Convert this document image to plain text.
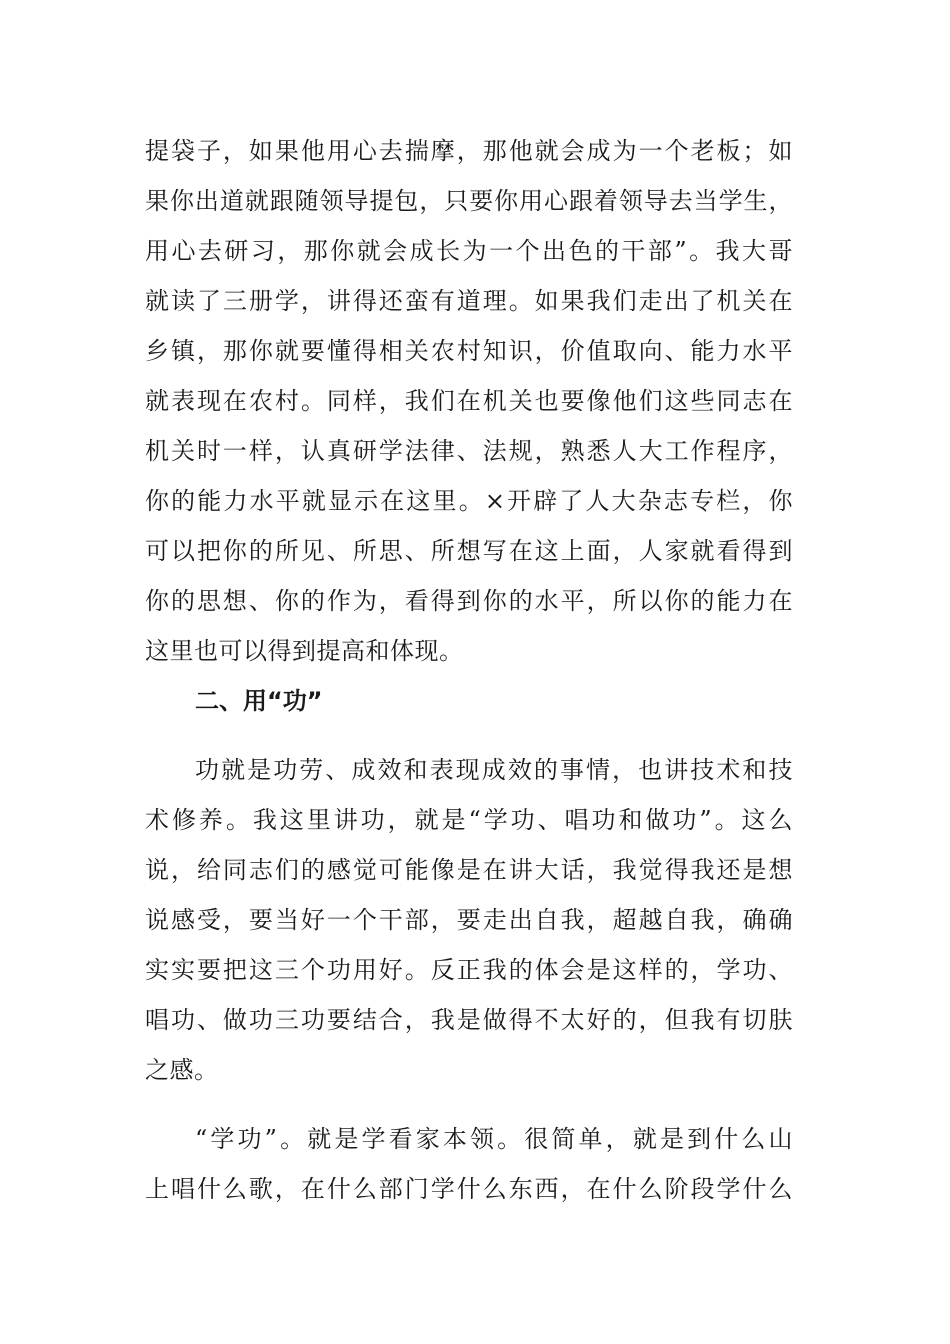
提袋子，如果他用心去揣摩，那他就会成为一个老板；如
果你出道就跟随领导提包，只要你用心跟着领导去当学生，
用心去研习，那你就会成长为一个出色的干部”。我大哥
就读了三册学，讲得还蛮有道理。如果我们走出了机关在
乡镇，那你就要懂得相关农村知识，价值取向、能力水平
就表现在农村。同样，我们在机关也要像他们这些同志在
机关时一样，认真研学法律、法规，熟悉人大工作程序，
你的能力水平就显示在这里。×开辟了人大杂志专栏，你
可以把你的所见、所思、所想写在这上面，人家就看得到
你的思想、你的作为，看得到你的水平，所以你的能力在
这里也可以得到提高和体现。
二、用“功”
功就是功劳、成效和表现成效的事情，也讲技术和技
术修养。我这里讲功，就是“学功、唱功和做功”。这么
说，给同志们的感觉可能像是在讲大话，我觉得我还是想
说感受，要当好一个干部，要走出自我，超越自我，确确
实实要把这三个功用好。反正我的体会是这样的，学功、
唱功、做功三功要结合，我是做得不太好的，但我有切肤
之感。
“学功”。就是学看家本领。很简单，就是到什么山
上唱什么歌，在什么部门学什么东西，在什么阶段学什么
